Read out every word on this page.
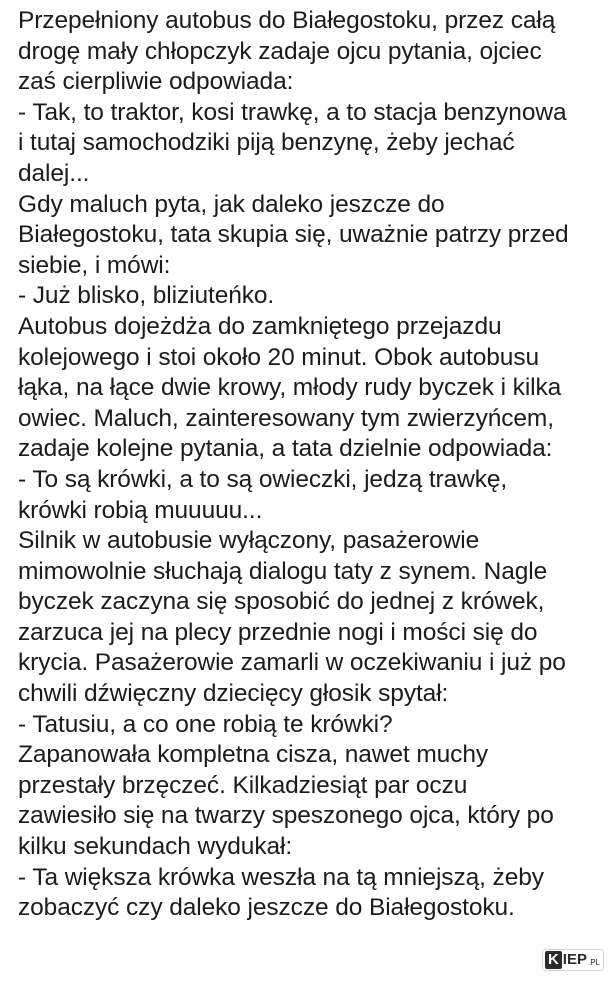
Przepełniony autobus do Białegostoku, przez całą
drogę mały chłopczyk zadaje ojcu pytania, ojciec
zaś cierpliwie odpowiada:
- Tak, to traktor, kosi trawkę, a to stacja benzynowa
i tutaj samochodziki piją benzynę, żeby jechać
dalej...
Gdy maluch pyta, jak daleko jeszcze do
Białegostoku, tata skupia się, uważnie patrzy przed
siebie, i mówi:
- Już blisko, bliziuteńko.
Autobus dojeżdża do zamkniętego przejazdu
kolejowego i stoi około 20 minut. Obok autobusu
łąka, na łące dwie krowy, młody rudy byczek i kilka
owiec. Maluch, zainteresowany tym zwierzyńcem,
zadaje kolejne pytania, a tata dzielnie odpowiada:
- To są krówki, a to są owieczki, jedzą trawkę,
krówki robią muuuuu...
Silnik w autobusie wyłączony, pasażerowie
mimowolnie słuchają dialogu taty z synem. Nagle
byczek zaczyna się sposobić do jednej z krówek,
zarzuca jej na plecy przednie nogi i mości się do
krycia. Pasażerowie zamarli w oczekiwaniu i już po
chwili dźwięczny dziecięcy głosik spytał:
- Tatusiu, a co one robią te krówki?
Zapanowała kompletna cisza, nawet muchy
przestały brzęczeć. Kilkadziesiąt par oczu
zawiesiło się na twarzy speszonego ojca, który po
kilku sekundach wydukał:
- Ta większa krówka weszła na tą mniejszą, żeby
zobaczyć czy daleko jeszcze do Białegostoku.
K IEP .PL
